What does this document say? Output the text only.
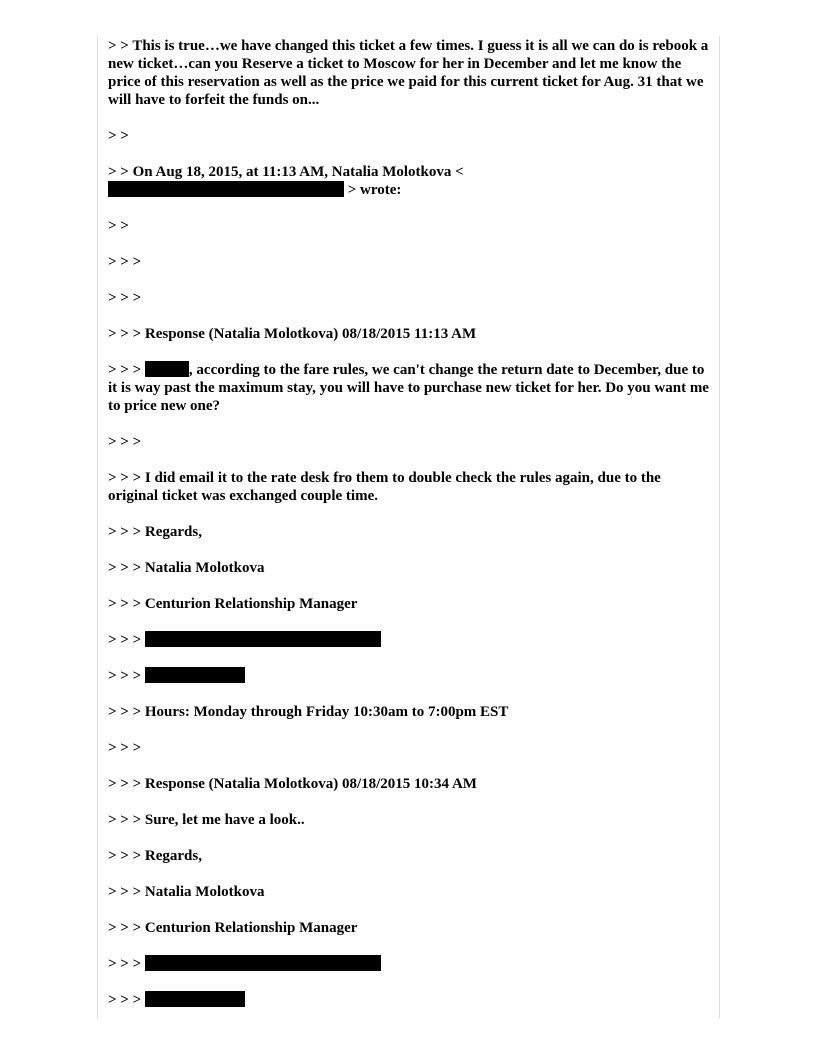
> > This is true…we have changed this ticket a few times. I guess it is all we can do is rebook a new ticket…can you Reserve a ticket to Moscow for her in December and let me know the price of this reservation as well as the price we paid for this current ticket for Aug. 31 that we will have to forfeit the funds on...

> >

> > On Aug 18, 2015, at 11:13 AM, Natalia Molotkova <
> wrote:

> >

> > >

> > >

> > > Response (Natalia Molotkova) 08/18/2015 11:13 AM

> > >	, according to the fare rules, we can't change the return date to December, due to it is way past the maximum stay, you will have to purchase new ticket for her. Do you want me to price new one?

> > >

> > > I did email it to the rate desk fro them to double check the rules again, due to the original ticket was exchanged couple time.

> > > Regards,

> > > Natalia Molotkova

> > > Centurion Relationship Manager

> > >

> > >

> > > Hours: Monday through Friday 10:30am to 7:00pm EST

> > >

> > > Response (Natalia Molotkova) 08/18/2015 10:34 AM

> > > Sure, let me have a look..

> > > Regards,

> > > Natalia Molotkova

> > > Centurion Relationship Manager

> > >

> > >
